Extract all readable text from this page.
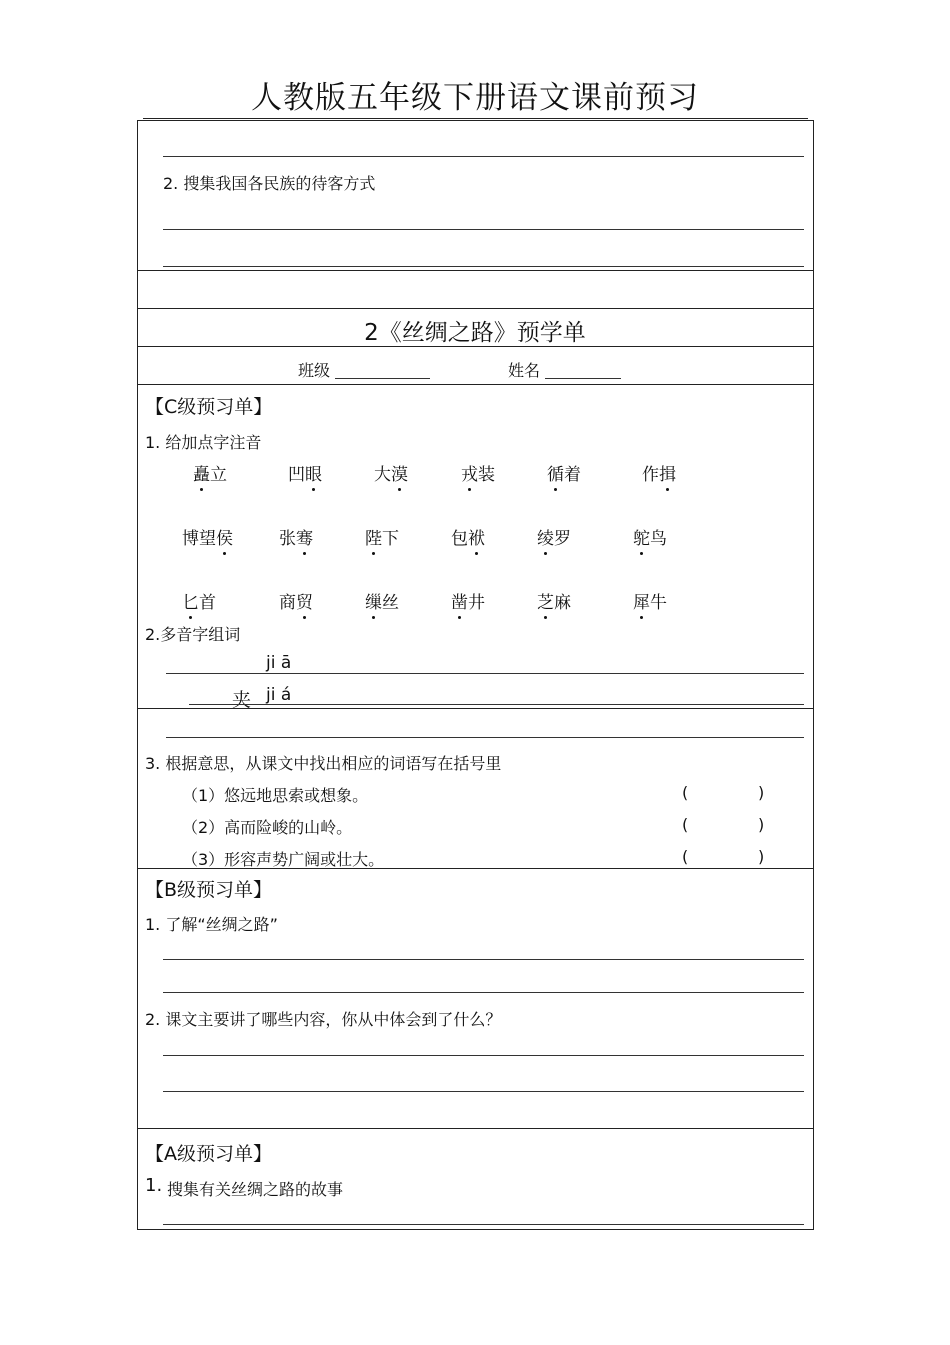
人教版五年级下册语文课前预习
2. 搜集我国各民族的待客方式
2《丝绸之路》预学单
班级	姓名
【C级预习单】
1. 给加点字注音
矗立	凹眼	大漠	戎装	循着	作揖
博望侯	张骞	陛下	包袱	绫罗	鸵鸟
匕首	商贸	缫丝	凿井	芝麻	犀牛
2.多音字组词
ji ā
夹 ji á
3. 根据意思，从课文中找出相应的词语写在括号里
（1）悠远地思索或想象。	(	)
（2）高而险峻的山岭。	(	)
（3）形容声势广阔或壮大。	(	)
【B级预习单】
1. 了解“丝绸之路”
2. 课文主要讲了哪些内容，你从中体会到了什么？
【A级预习单】
1. 搜集有关丝绸之路的故事
